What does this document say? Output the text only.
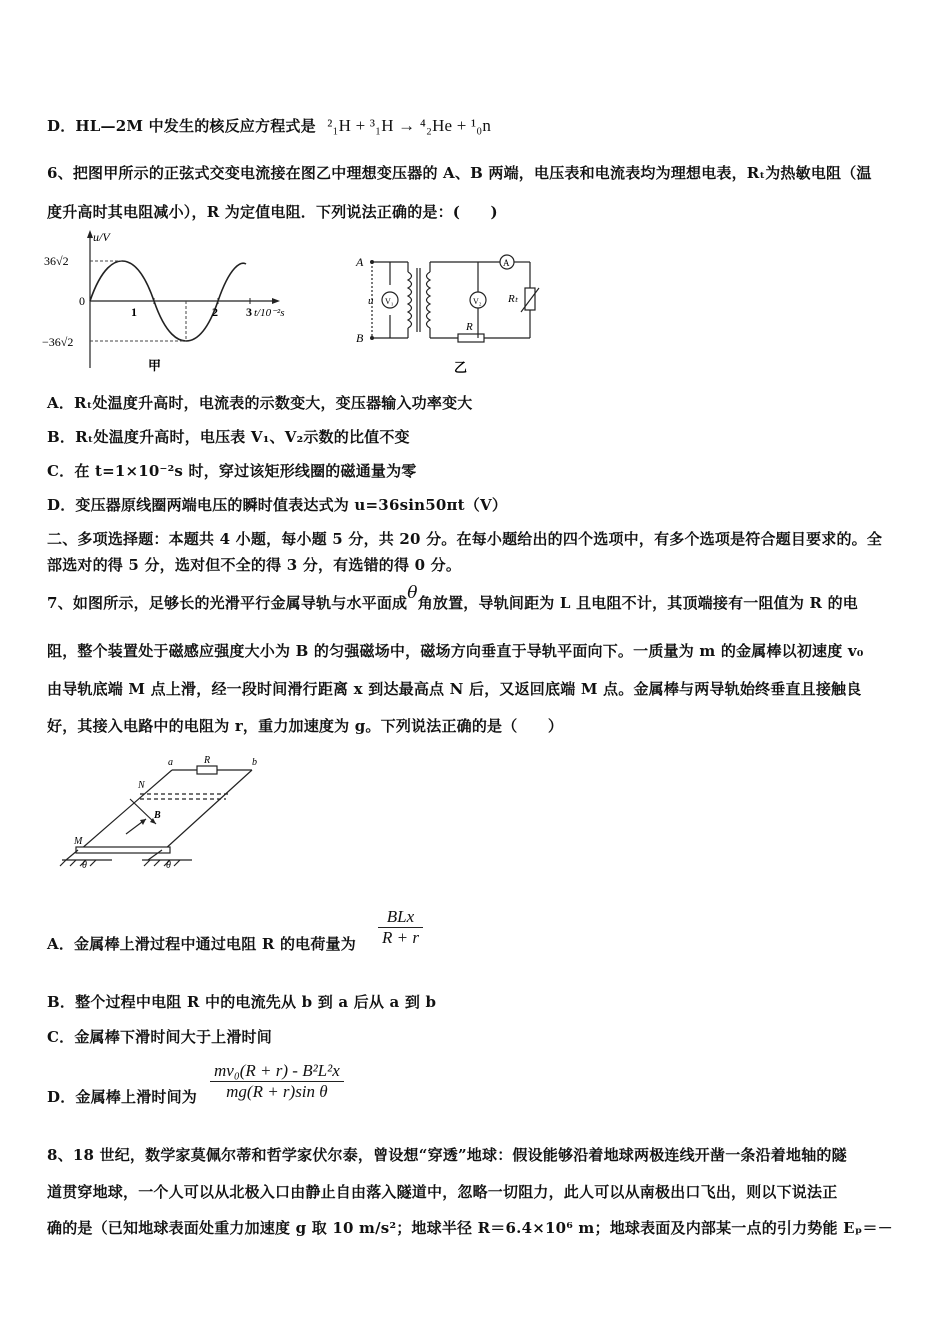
D．HL—2M 中发生的核反应方程式是 ²₁H + ³₁H → ⁴₂He + ¹₀n
6、把图甲所示的正弦式交变电流接在图乙中理想变压器的 A、B 两端，电压表和电流表均为理想电表，Rₜ为热敏电阻（温
度升高时其电阻减小），R 为定值电阻．下列说法正确的是：(　　)
u/V
36√2
−36√2
0
1	2 3 t/10⁻²s
甲
A
B
u V₁	V₂
A
R
Rₜ
乙
A．Rₜ处温度升高时，电流表的示数变大，变压器输入功率变大
B．Rₜ处温度升高时，电压表 V₁、V₂示数的比值不变
C．在 t=1×10⁻²s 时，穿过该矩形线圈的磁通量为零
D．变压器原线圈两端电压的瞬时值表达式为 u=36sin50πt（V）
二、多项选择题：本题共 4 小题，每小题 5 分，共 20 分。在每小题给出的四个选项中，有多个选项是符合题目要求的。全
部选对的得 5 分，选对但不全的得 3 分，有选错的得 0 分。
7、如图所示，足够长的光滑平行金属导轨与水平面成θ角放置，导轨间距为 L 且电阻不计，其顶端接有一阻值为 R 的电
阻，整个装置处于磁感应强度大小为 B 的匀强磁场中，磁场方向垂直于导轨平面向下。一质量为 m 的金属棒以初速度 v₀
由导轨底端 M 点上滑，经一段时间滑行距离 x 到达最高点 N 后，又返回底端 M 点。金属棒与两导轨始终垂直且接触良
好，其接入电路中的电阻为 r，重力加速度为 g。下列说法正确的是（　　）
a	b
R
N
B
M
θ	θ
A．金属棒上滑过程中通过电阻 R 的电荷量为
BLx
R + r
B．整个过程中电阻 R 中的电流先从 b 到 a 后从 a 到 b
C．金属棒下滑时间大于上滑时间
D．金属棒上滑时间为 $\frac{\text{mv₀(R + r) - B²L²x}}{\text{mg(R + r)sin θ}}$
8、18 世纪，数学家莫佩尔蒂和哲学家伏尔泰，曾设想“穿透”地球：假设能够沿着地球两极连线开凿一条沿着地轴的隧
道贯穿地球，一个人可以从北极入口由静止自由落入隧道中，忽略一切阻力，此人可以从南极出口飞出，则以下说法正
确的是（已知地球表面处重力加速度 g 取 10 m/s²；地球半径 R＝6.4×10⁶ m；地球表面及内部某一点的引力势能 Eₚ＝－
